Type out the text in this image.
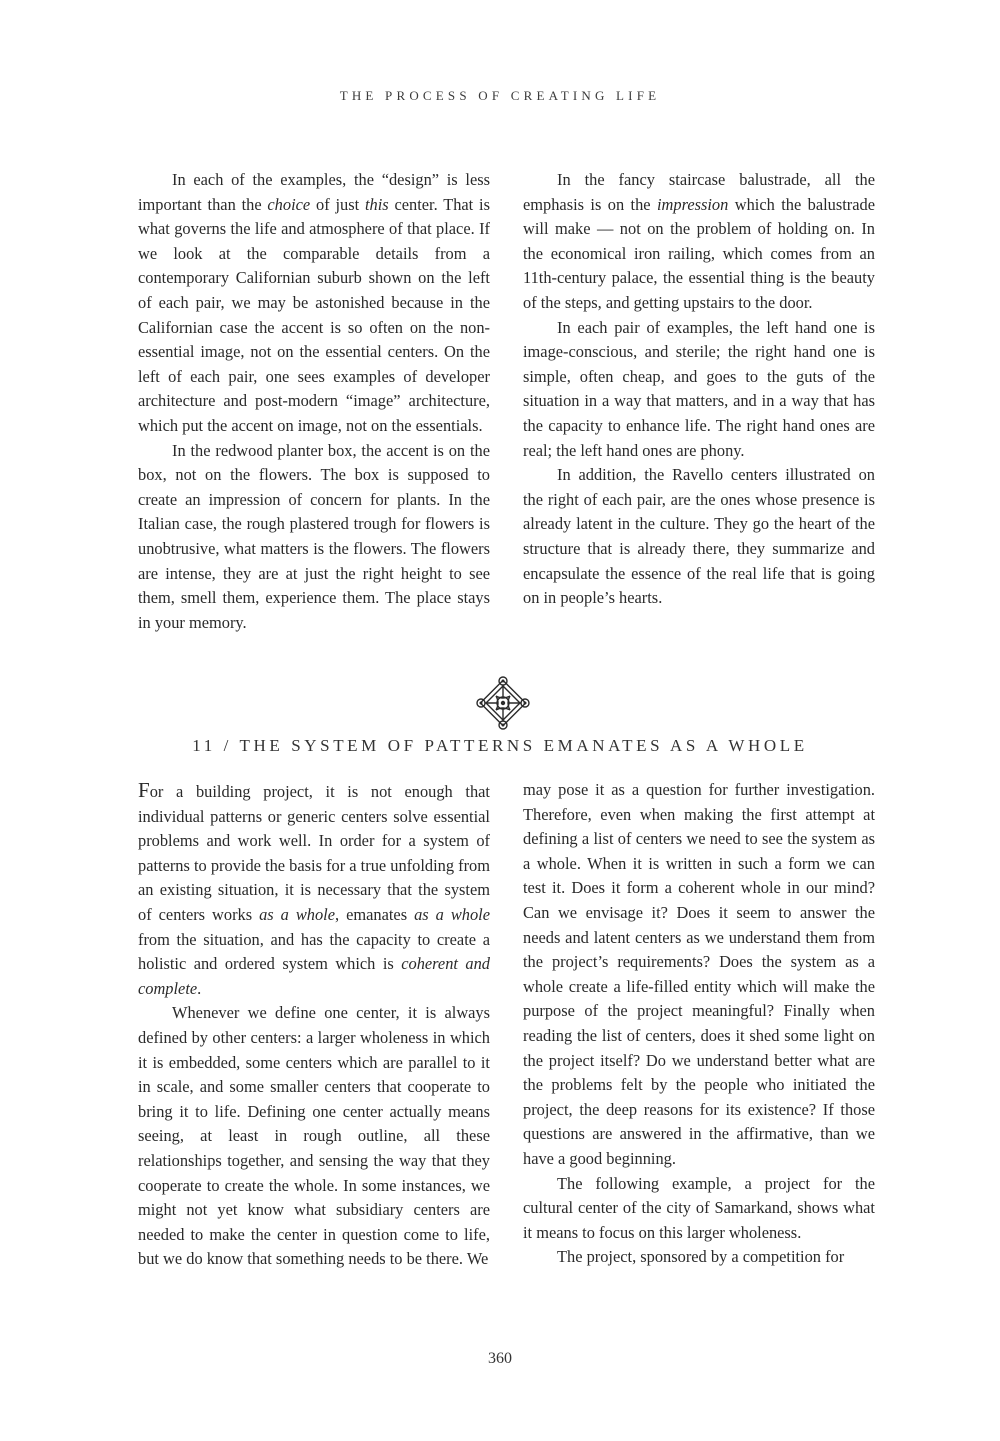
THE PROCESS OF CREATING LIFE

In each of the examples, the “design” is less important than the choice of just this center. That is what governs the life and atmosphere of that place. If we look at the comparable details from a contemporary Californian suburb shown on the left of each pair, we may be astonished because in the Californian case the accent is so often on the non-essential image, not on the essential centers. On the left of each pair, one sees examples of developer architecture and post-modern “image” architecture, which put the accent on image, not on the essentials.

In the redwood planter box, the accent is on the box, not on the flowers. The box is supposed to create an impression of concern for plants. In the Italian case, the rough plastered trough for flowers is unobtrusive, what matters is the flowers. The flowers are intense, they are at just the right height to see them, smell them, experience them. The place stays in your memory.

In the fancy staircase balustrade, all the emphasis is on the impression which the balustrade will make — not on the problem of holding on. In the economical iron railing, which comes from an 11th-century palace, the essential thing is the beauty of the steps, and getting upstairs to the door.

In each pair of examples, the left hand one is image-conscious, and sterile; the right hand one is simple, often cheap, and goes to the guts of the situation in a way that matters, and in a way that has the capacity to enhance life. The right hand ones are real; the left hand ones are phony.

In addition, the Ravello centers illustrated on the right of each pair, are the ones whose presence is already latent in the culture. They go the heart of the structure that is already there, they summarize and encapsulate the essence of the real life that is going on in people’s hearts.

11 / THE SYSTEM OF PATTERNS EMANATES AS A WHOLE

For a building project, it is not enough that individual patterns or generic centers solve essential problems and work well. In order for a system of patterns to provide the basis for a true unfolding from an existing situation, it is necessary that the system of centers works as a whole, emanates as a whole from the situation, and has the capacity to create a holistic and ordered system which is coherent and complete.

Whenever we define one center, it is always defined by other centers: a larger wholeness in which it is embedded, some centers which are parallel to it in scale, and some smaller centers that cooperate to bring it to life. Defining one center actually means seeing, at least in rough outline, all these relationships together, and sensing the way that they cooperate to create the whole. In some instances, we might not yet know what subsidiary centers are needed to make the center in question come to life, but we do know that something needs to be there. We

may pose it as a question for further investigation. Therefore, even when making the first attempt at defining a list of centers we need to see the system as a whole. When it is written in such a form we can test it. Does it form a coherent whole in our mind? Can we envisage it? Does it seem to answer the needs and latent centers as we understand them from the project’s requirements? Does the system as a whole create a life-filled entity which will make the purpose of the project meaningful? Finally when reading the list of centers, does it shed some light on the project itself? Do we understand better what are the problems felt by the people who initiated the project, the deep reasons for its existence? If those questions are answered in the affirmative, than we have a good beginning.

The following example, a project for the cultural center of the city of Samarkand, shows what it means to focus on this larger wholeness.

The project, sponsored by a competition for

360
